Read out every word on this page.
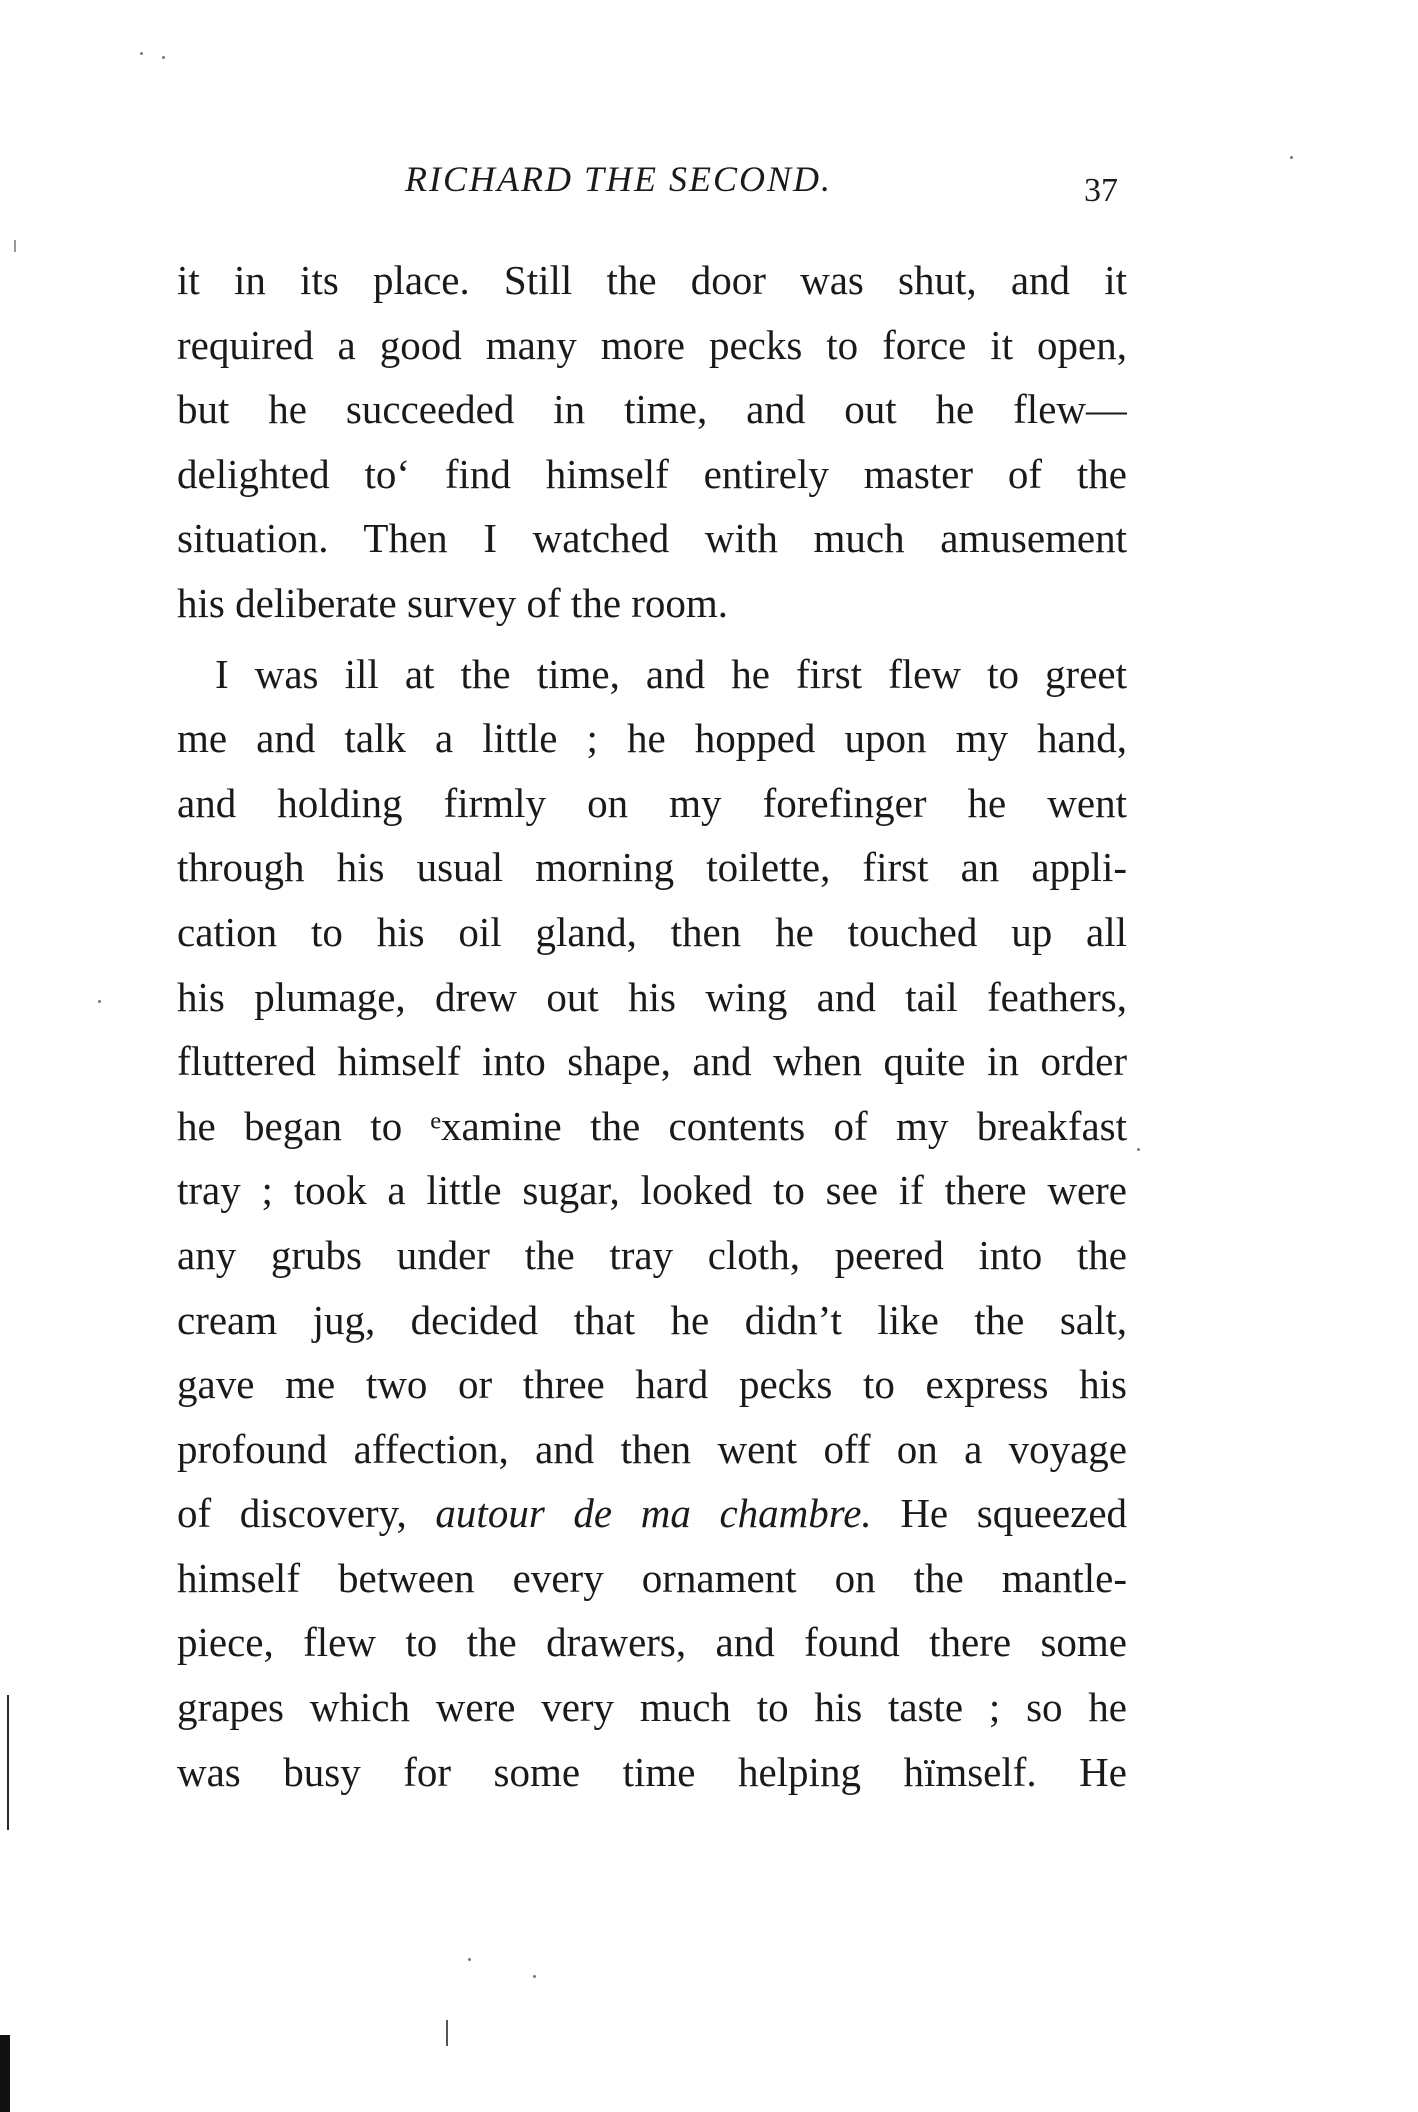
RICHARD THE SECOND.	37
it in its place. Still the door was shut, and it
required a good many more pecks to force it open,
but he succeeded in time, and out he flew—
delighted to‘ find himself entirely master of the
situation. Then I watched with much amusement
his deliberate survey of the room.
I was ill at the time, and he first flew to greet
me and talk a little ; he hopped upon my hand,
and holding firmly on my forefinger he went
through his usual morning toilette, first an appli-
cation to his oil gland, then he touched up all
his plumage, drew out his wing and tail feathers,
fluttered himself into shape, and when quite in order
he began to ᵉxamine the contents of my breakfast
tray ; took a little sugar, looked to see if there were
any grubs under the tray cloth, peered into the
cream jug, decided that he didn’t like the salt,
gave me two or three hard pecks to express his
profound affection, and then went off on a voyage
of discovery, autour de ma chambre. He squeezed
himself between every ornament on the mantle-
piece, flew to the drawers, and found there some
grapes which were very much to his taste ; so he
was busy for some time helping hïmself. He
